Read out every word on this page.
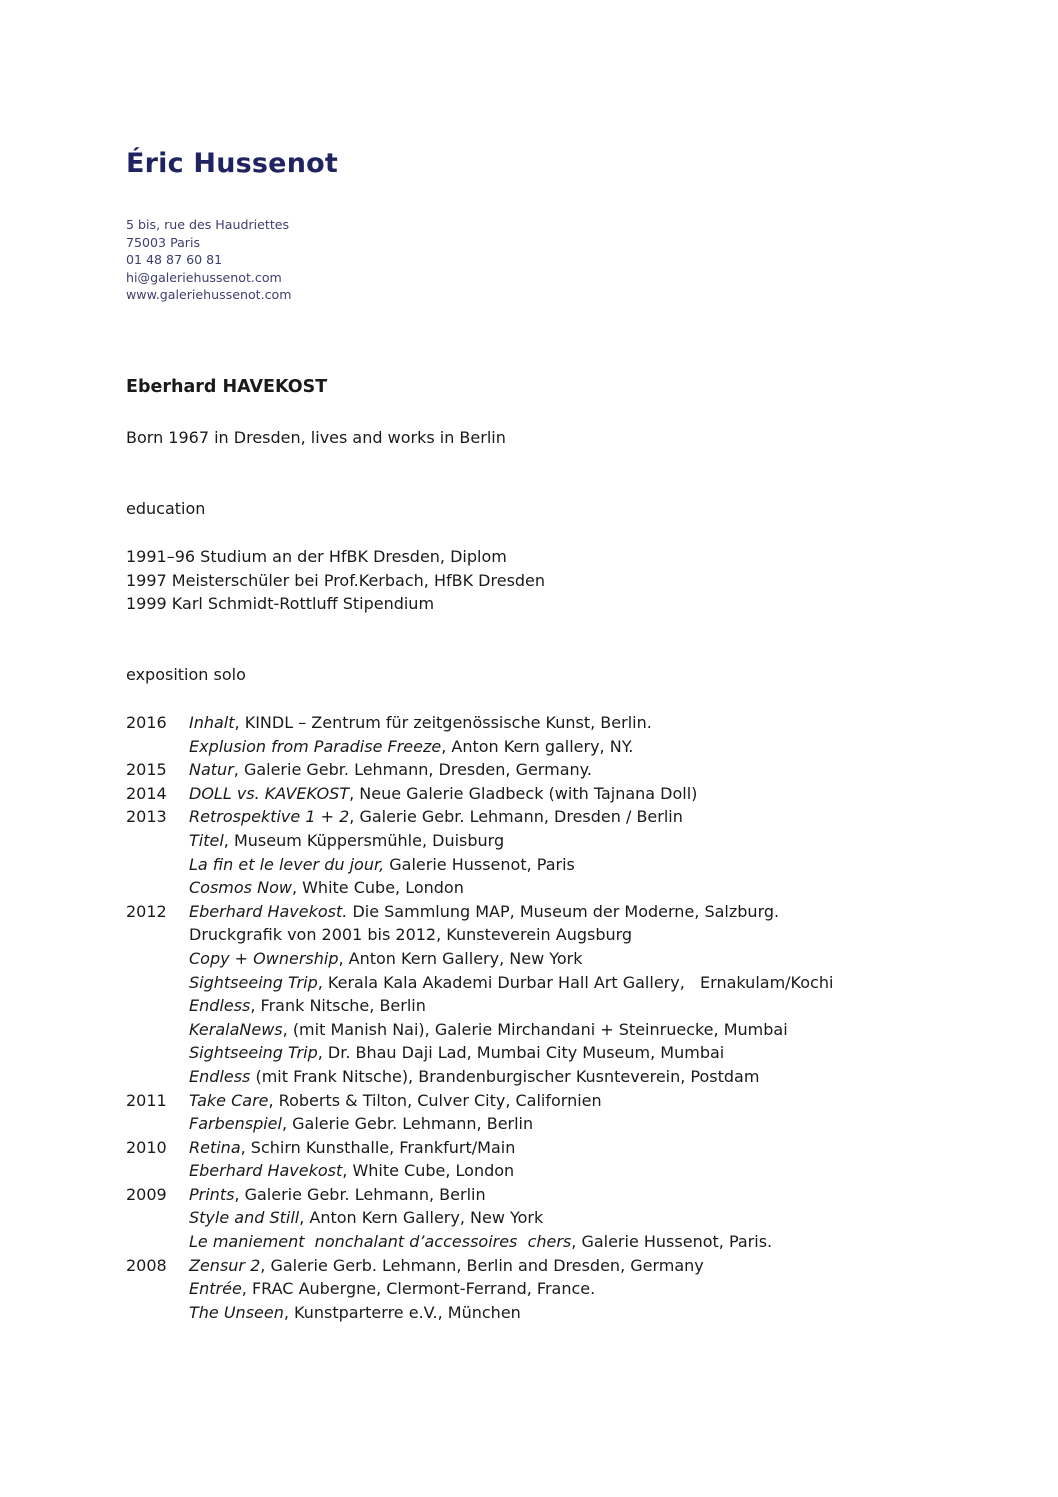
Éric Hussenot
5 bis, rue des Haudriettes
75003 Paris
01 48 87 60 81
hi@galeriehussenot.com
www.galeriehussenot.com
Eberhard HAVEKOST
Born 1967 in Dresden, lives and works in Berlin
education
1991–96 Studium an der HfBK Dresden, Diplom
1997 Meisterschüler bei Prof.Kerbach, HfBK Dresden
1999 Karl Schmidt-Rottluff Stipendium
exposition solo
2016	Inhalt, KINDL – Zentrum für zeitgenössische Kunst, Berlin.
Explusion from Paradise Freeze, Anton Kern gallery, NY.
2015	Natur, Galerie Gebr. Lehmann, Dresden, Germany.
2014	DOLL vs. KAVEKOST, Neue Galerie Gladbeck (with Tajnana Doll)
2013	Retrospektive 1 + 2, Galerie Gebr. Lehmann, Dresden / Berlin
Titel, Museum Küppersmühle, Duisburg
La fin et le lever du jour, Galerie Hussenot, Paris
Cosmos Now, White Cube, London
2012	Eberhard Havekost. Die Sammlung MAP, Museum der Moderne, Salzburg.
Druckgrafik von 2001 bis 2012, Kunsteverein Augsburg
Copy + Ownership, Anton Kern Gallery, New York
Sightseeing Trip, Kerala Kala Akademi Durbar Hall Art Gallery,   Ernakulam/Kochi
Endless, Frank Nitsche, Berlin
KeralaNews, (mit Manish Nai), Galerie Mirchandani + Steinruecke, Mumbai
Sightseeing Trip, Dr. Bhau Daji Lad, Mumbai City Museum, Mumbai
Endless (mit Frank Nitsche), Brandenburgischer Kusnteverein, Postdam
2011	Take Care, Roberts & Tilton, Culver City, Californien
Farbenspiel, Galerie Gebr. Lehmann, Berlin
2010	Retina, Schirn Kunsthalle, Frankfurt/Main
Eberhard Havekost, White Cube, London
2009	Prints, Galerie Gebr. Lehmann, Berlin
Style and Still, Anton Kern Gallery, New York
Le maniement  nonchalant d’accessoires  chers, Galerie Hussenot, Paris.
2008	Zensur 2, Galerie Gerb. Lehmann, Berlin and Dresden, Germany
Entrée, FRAC Aubergne, Clermont-Ferrand, France.
The Unseen, Kunstparterre e.V., München
